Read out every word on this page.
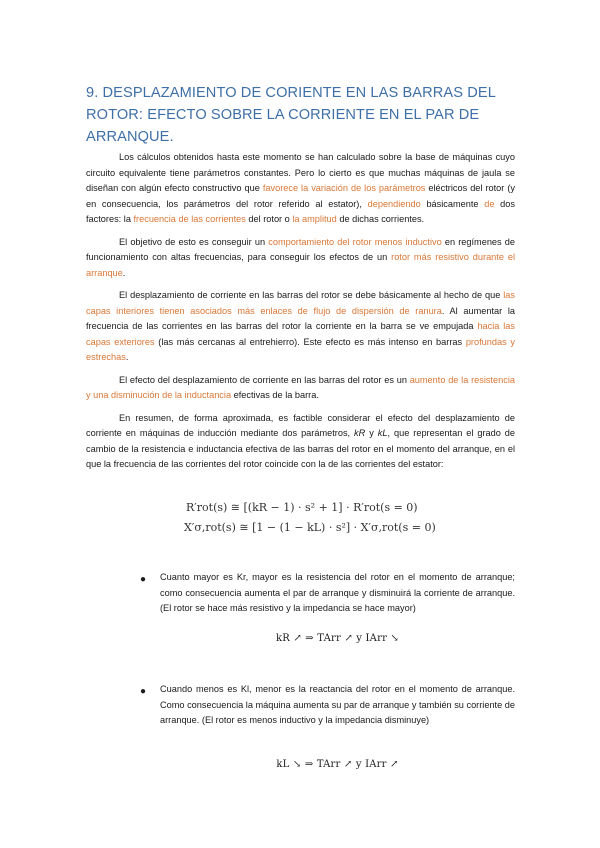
9. DESPLAZAMIENTO DE CORIENTE EN LAS BARRAS DEL ROTOR: EFECTO SOBRE LA CORRIENTE EN EL PAR DE ARRANQUE.

Los cálculos obtenidos hasta este momento se han calculado sobre la base de máquinas cuyo circuito equivalente tiene parámetros constantes. Pero lo cierto es que muchas máquinas de jaula se diseñan con algún efecto constructivo que favorece la variación de los parámetros eléctricos del rotor (y en consecuencia, los parámetros del rotor referido al estator), dependiendo básicamente de dos factores: la frecuencia de las corrientes del rotor o la amplitud de dichas corrientes.

El objetivo de esto es conseguir un comportamiento del rotor menos inductivo en regímenes de funcionamiento con altas frecuencias, para conseguir los efectos de un rotor más resistivo durante el arranque.

El desplazamiento de corriente en las barras del rotor se debe básicamente al hecho de que las capas interiores tienen asociados más enlaces de flujo de dispersión de ranura. Al aumentar la frecuencia de las corrientes en las barras del rotor la corriente en la barra se ve empujada hacia las capas exteriores (las más cercanas al entrehierro). Este efecto es más intenso en barras profundas y estrechas.

El efecto del desplazamiento de corriente en las barras del rotor es un aumento de la resistencia y una disminución de la inductancia efectivas de la barra.

En resumen, de forma aproximada, es factible considerar el efecto del desplazamiento de corriente en máquinas de inducción mediante dos parámetros, kR y kL, que representan el grado de cambio de la resistencia e inductancia efectiva de las barras del rotor en el momento del arranque, en el que la frecuencia de las corrientes del rotor coincide con la de las corrientes del estator:

R′rot(s) ≅ [(kR − 1) · s² + 1] · R′rot(s = 0)
X′σ,rot(s) ≅ [1 − (1 − kL) · s²] · X′σ,rot(s = 0)
● Cuanto mayor es Kr, mayor es la resistencia del rotor en el momento de arranque; como consecuencia aumenta el par de arranque y disminuirá la corriente de arranque. (El rotor se hace más resistivo y la impedancia se hace mayor)
kR ↗ ⇒ TArr ↗ y IArr ↘
● Cuando menos es Kl, menor es la reactancia del rotor en el momento de arranque. Como consecuencia la máquina aumenta su par de arranque y también su corriente de arranque. (El rotor es menos inductivo y la impedancia disminuye)
kL ↘ ⇒ TArr ↗ y IArr ↗
